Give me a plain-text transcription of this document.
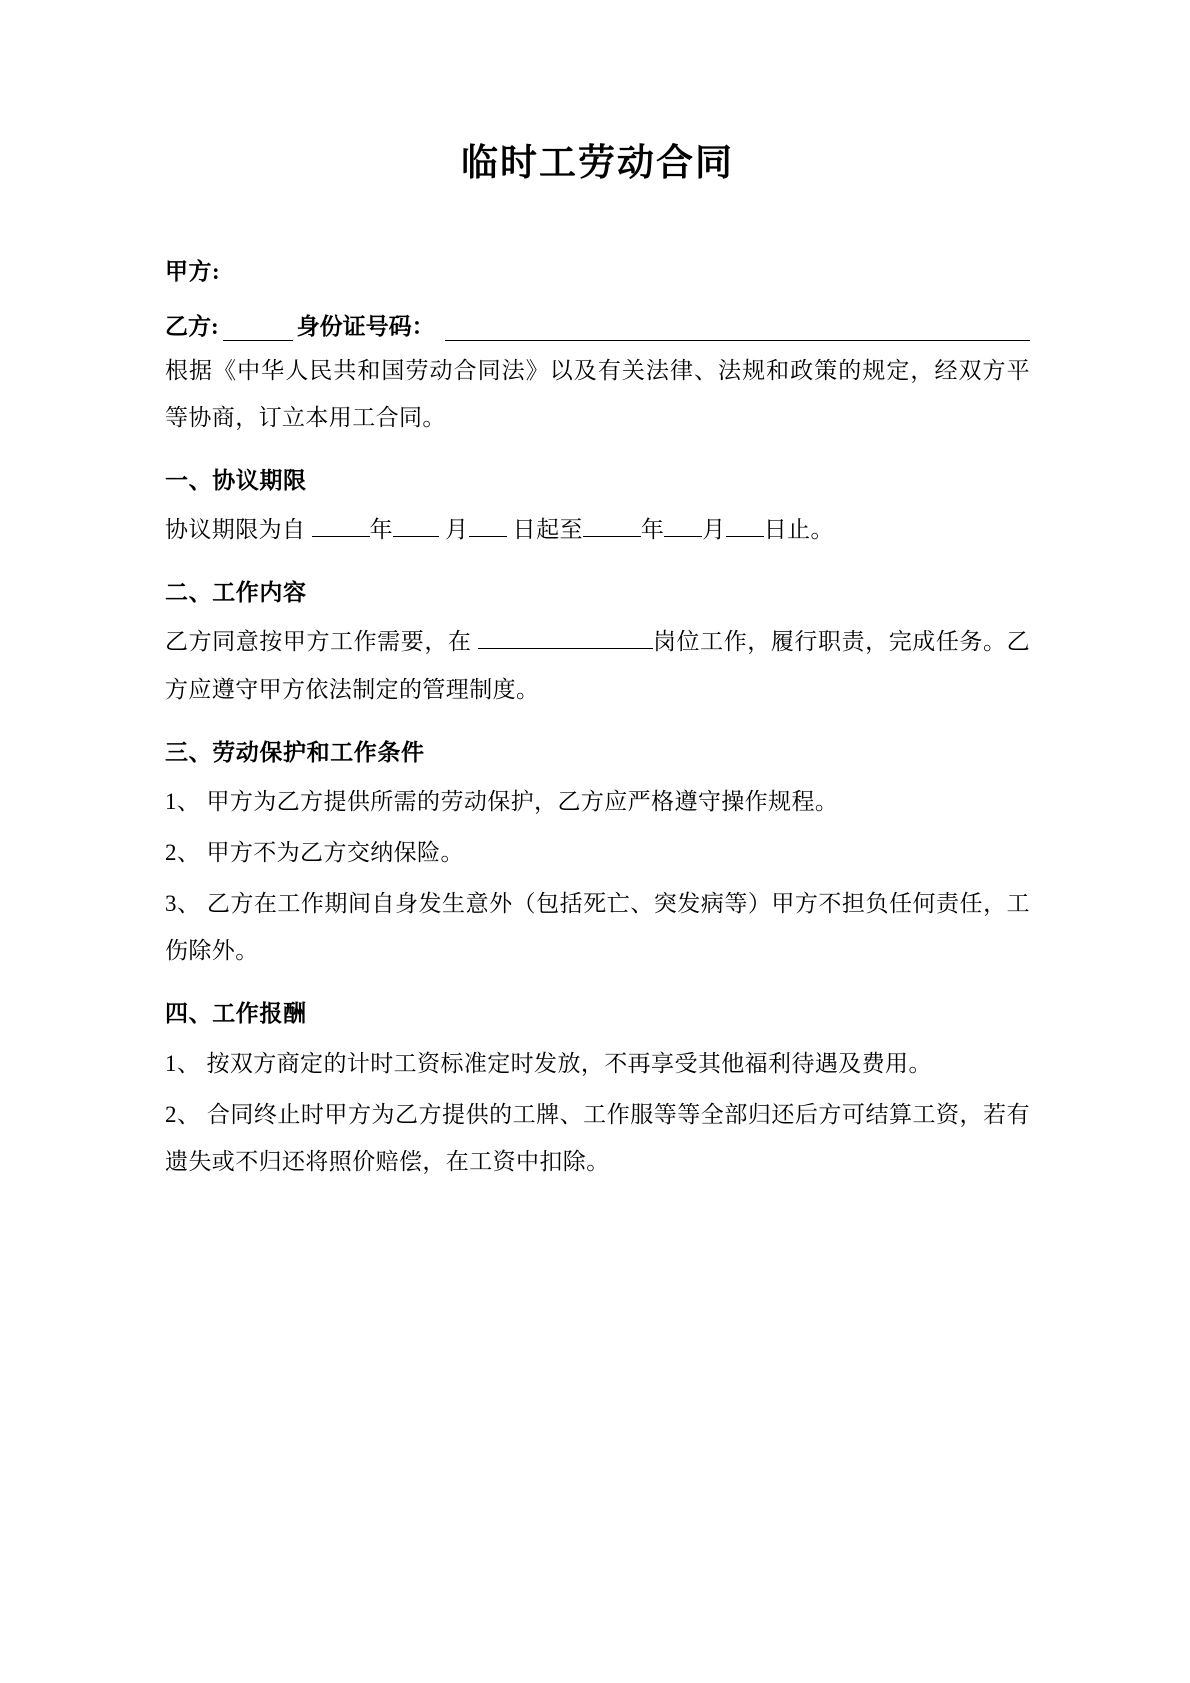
临时工劳动合同
甲方:
乙方:	身份证号码：

根据《中华人民共和国劳动合同法》以及有关法律、法规和政策的规定，经双方平等协商，订立本用工合同。

一、协议期限

协议期限为自	年 月 日起至	年 月 日止。

二、工作内容

乙方同意按甲方工作需要，在	岗位工作，履行职责，完成任务。乙方应遵守甲方依法制定的管理制度。

三、劳动保护和工作条件

1、 甲方为乙方提供所需的劳动保护，乙方应严格遵守操作规程。

2、 甲方不为乙方交纳保险。

3、 乙方在工作期间自身发生意外（包括死亡、突发病等）甲方不担负任何责任，工伤除外。

四、工作报酬

1、 按双方商定的计时工资标准定时发放，不再享受其他福利待遇及费用。

2、 合同终止时甲方为乙方提供的工牌、工作服等等全部归还后方可结算工资，若有遗失或不归还将照价赔偿，在工资中扣除。
